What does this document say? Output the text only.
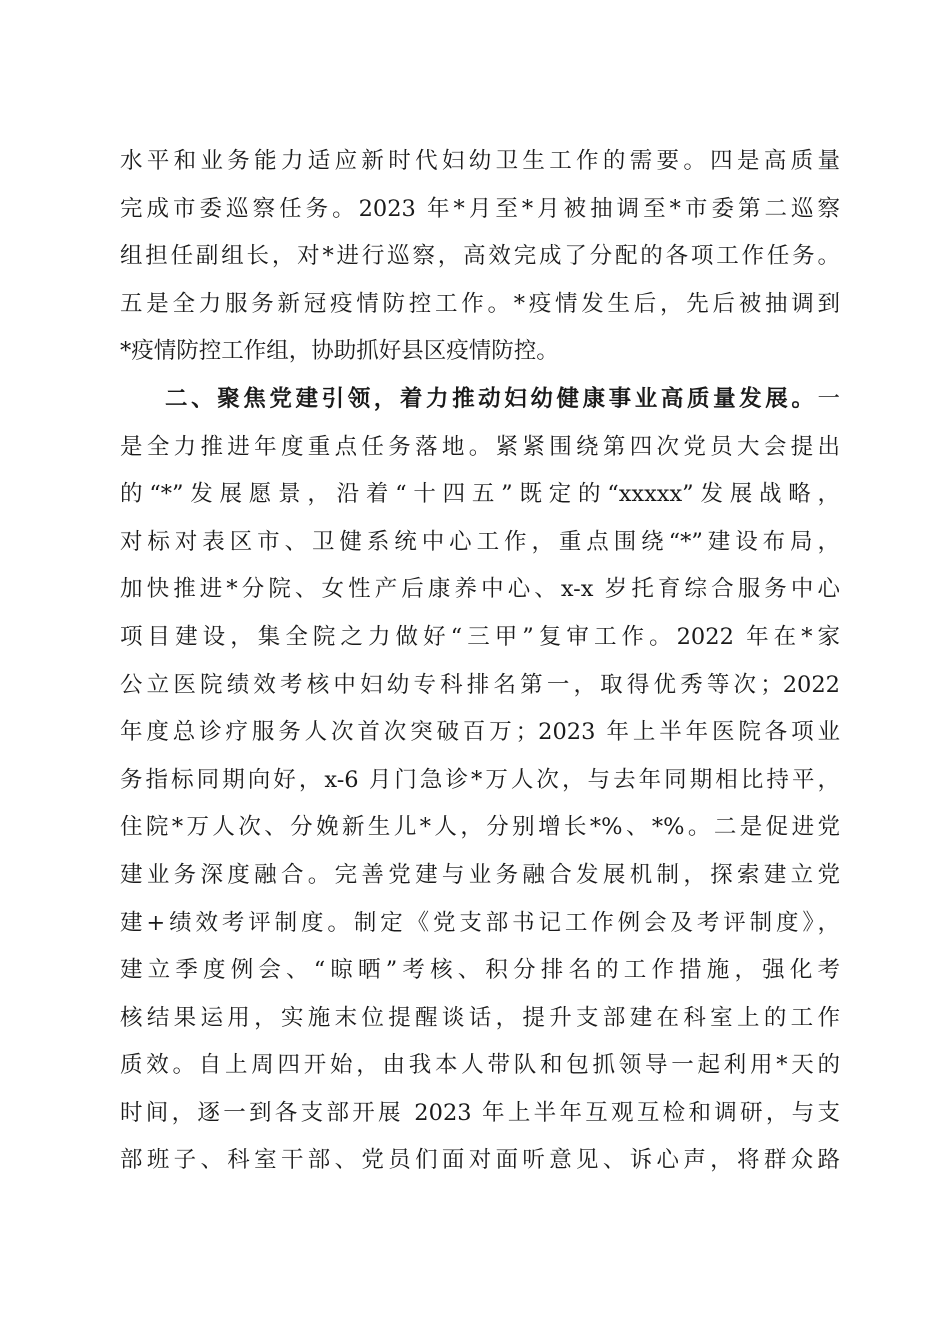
水平和业务能力适应新时代妇幼卫生工作的需要。四是高质量
完成市委巡察任务。2023 年*月至*月被抽调至*市委第二巡察
组担任副组长，对*进行巡察，高效完成了分配的各项工作任务。
五是全力服务新冠疫情防控工作。*疫情发生后，先后被抽调到
*疫情防控工作组，协助抓好县区疫情防控。
二、聚焦党建引领，着力推动妇幼健康事业高质量发展。一
是全力推进年度重点任务落地。紧紧围绕第四次党员大会提出
的“*”发展愿景，沿着“十四五”既定的“xxxxx”发展战略，
对标对表区市、卫健系统中心工作，重点围绕“*”建设布局，
加快推进*分院、女性产后康养中心、x-x 岁托育综合服务中心
项目建设，集全院之力做好“三甲”复审工作。2022 年在*家
公立医院绩效考核中妇幼专科排名第一，取得优秀等次；2022
年度总诊疗服务人次首次突破百万；2023 年上半年医院各项业
务指标同期向好，x-6 月门急诊*万人次，与去年同期相比持平，
住院*万人次、分娩新生儿*人，分别增长*%、*%。二是促进党
建业务深度融合。完善党建与业务融合发展机制，探索建立党
建+绩效考评制度。制定《党支部书记工作例会及考评制度》，
建立季度例会、“晾晒”考核、积分排名的工作措施，强化考
核结果运用，实施末位提醒谈话，提升支部建在科室上的工作
质效。自上周四开始，由我本人带队和包抓领导一起利用*天的
时间，逐一到各支部开展 2023 年上半年互观互检和调研，与支
部班子、科室干部、党员们面对面听意见、诉心声，将群众路
